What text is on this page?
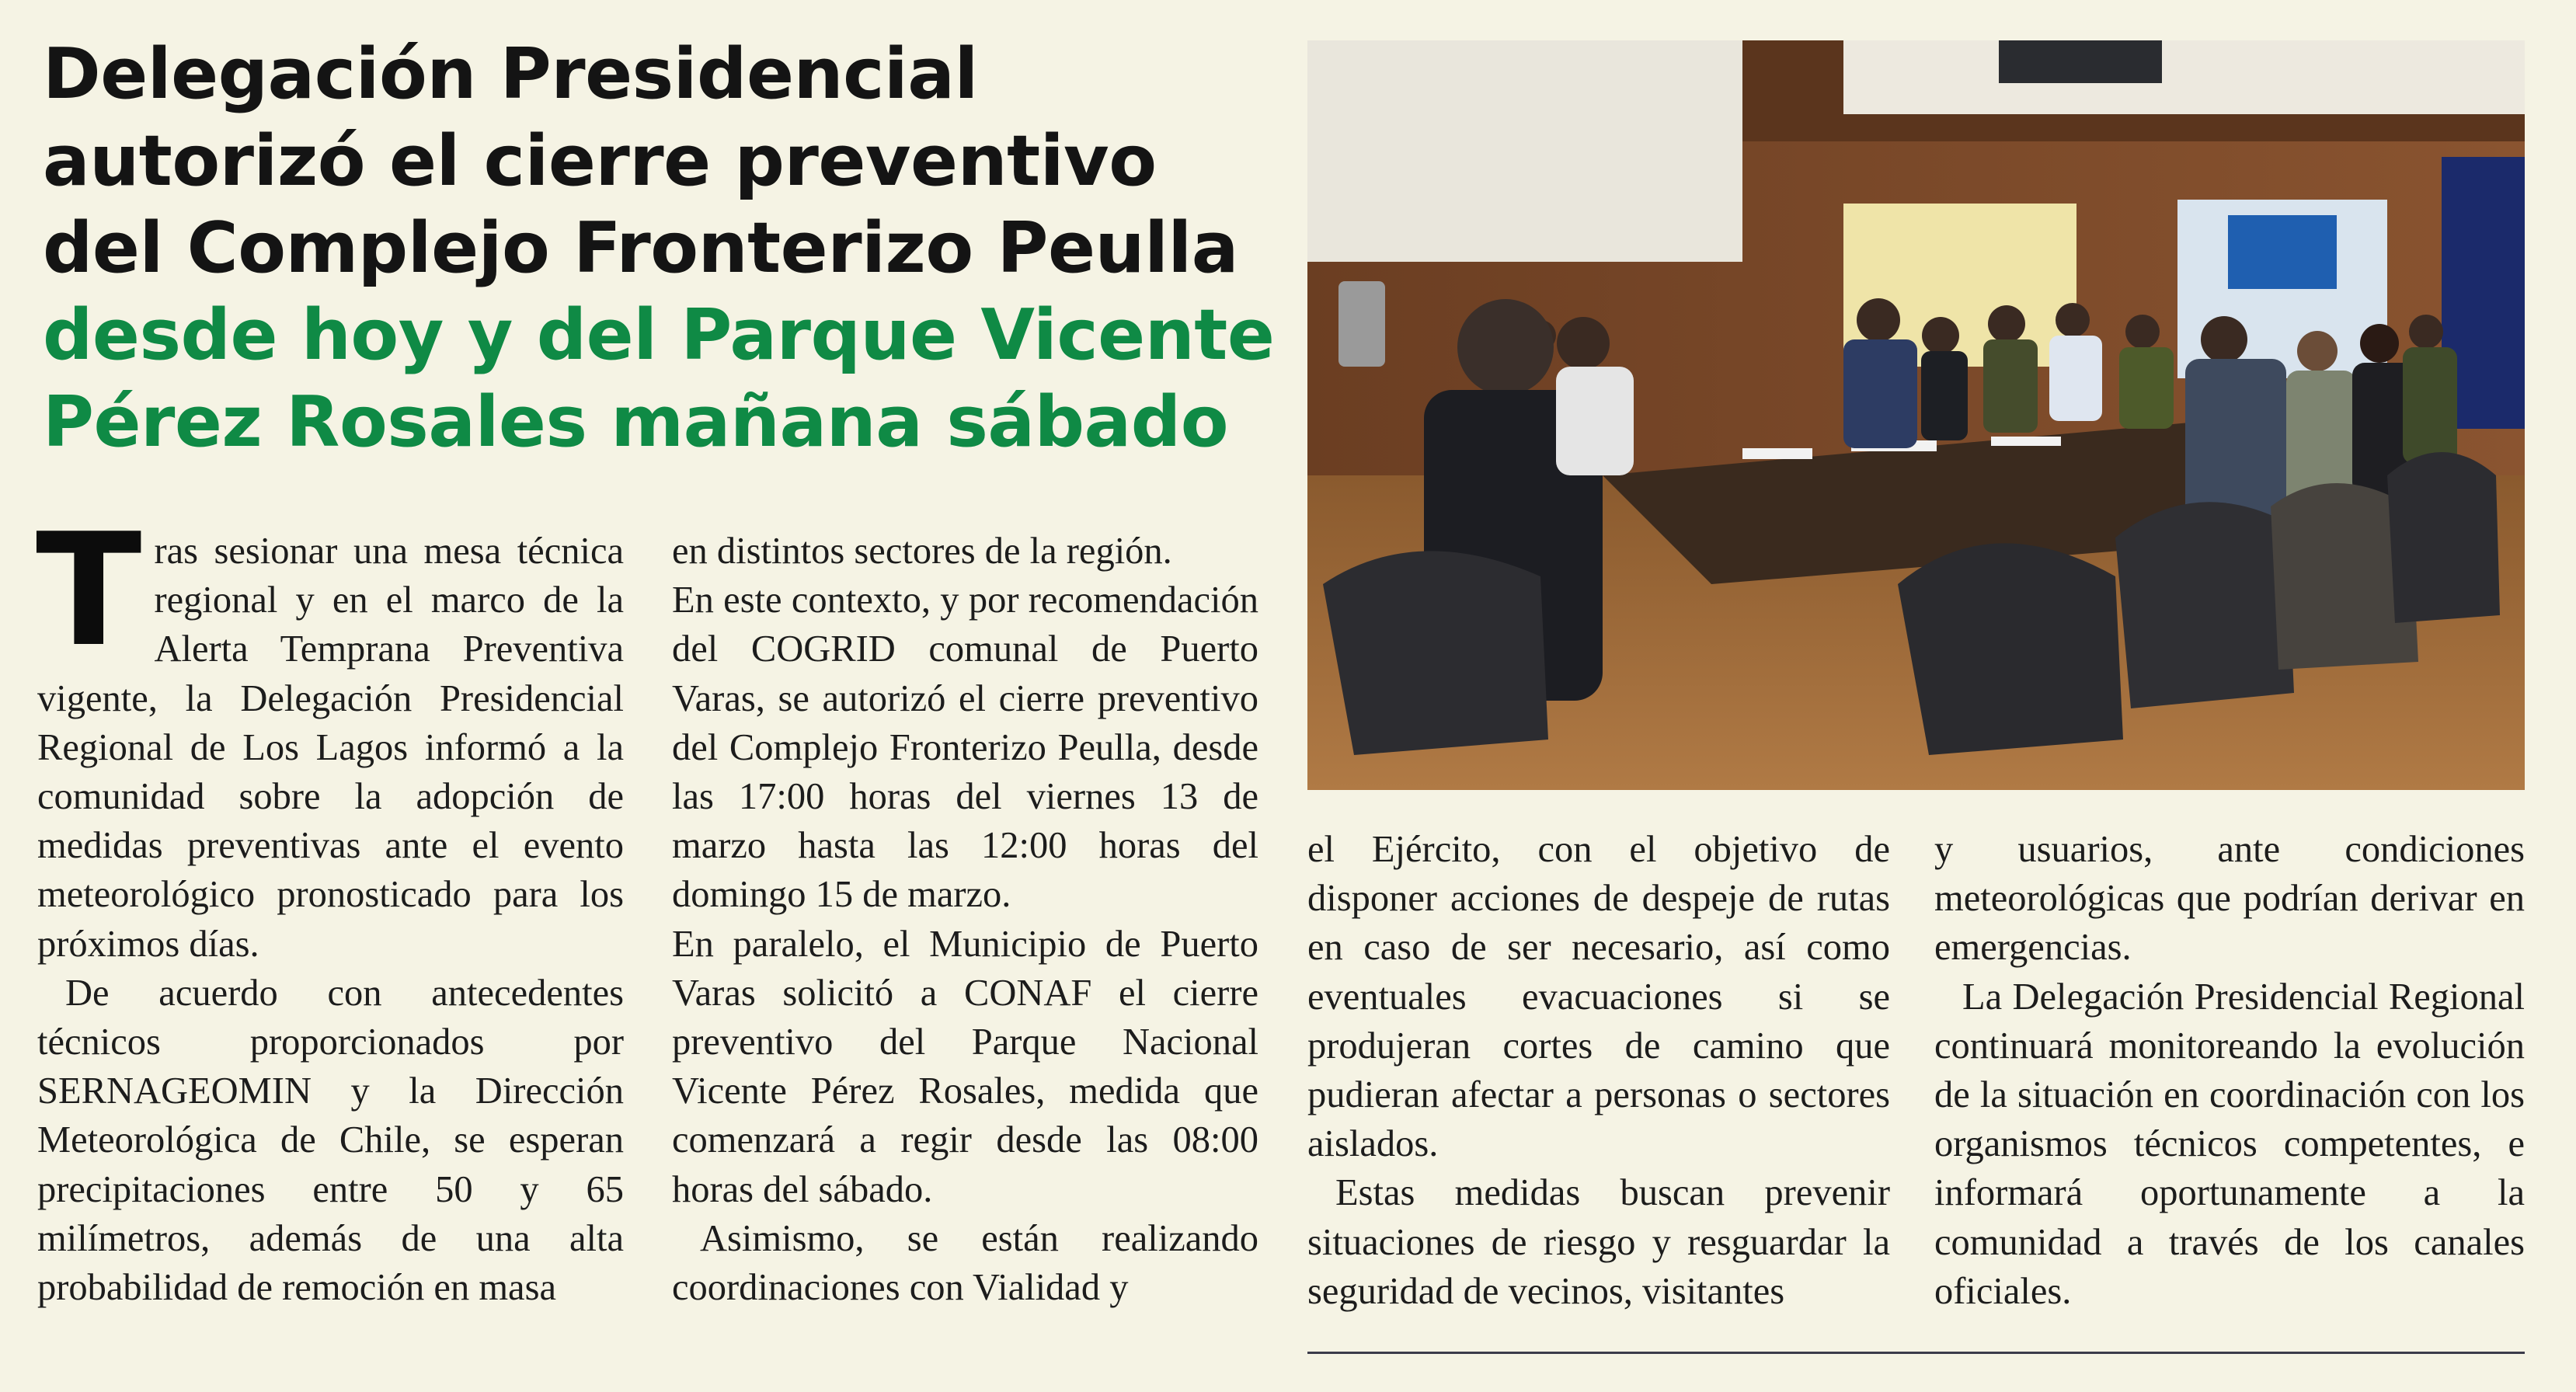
Delegación Presidencial
autorizó el cierre preventivo
del Complejo Fronterizo Peulla
desde hoy y del Parque Vicente
Pérez Rosales mañana sábado

Tras sesionar una mesa técnica regional y en el marco de la Alerta Temprana Preventiva vigente, la Delegación Presidencial Regional de Los Lagos informó a la comunidad sobre la adopción de medidas preventivas ante el evento meteorológico pronosticado para los próximos días.

De acuerdo con antecedentes técnicos proporcionados por SERNAGEOMIN y la Dirección Meteorológica de Chile, se esperan precipitaciones entre 50 y 65 milímetros, además de una alta probabilidad de remoción en masa

en distintos sectores de la región.

En este contexto, y por recomendación del COGRID comunal de Puerto Varas, se autorizó el cierre preventivo del Complejo Fronterizo Peulla, desde las 17:00 horas del viernes 13 de marzo hasta las 12:00 horas del domingo 15 de marzo.

En paralelo, el Municipio de Puerto Varas solicitó a CONAF el cierre preventivo del Parque Nacional Vicente Pérez Rosales, medida que comenzará a regir desde las 08:00 horas del sábado.

Asimismo, se están realizando coordinaciones con Vialidad y

el Ejército, con el objetivo de disponer acciones de despeje de rutas en caso de ser necesario, así como eventuales evacuaciones si se produjeran cortes de camino que pudieran afectar a personas o sectores aislados.

Estas medidas buscan prevenir situaciones de riesgo y resguardar la seguridad de vecinos, visitantes

y usuarios, ante condiciones meteorológicas que podrían derivar en emergencias.

La Delegación Presidencial Regional continuará monitoreando la evolución de la situación en coordinación con los organismos técnicos competentes, e informará oportunamente a la comunidad a través de los canales oficiales.
